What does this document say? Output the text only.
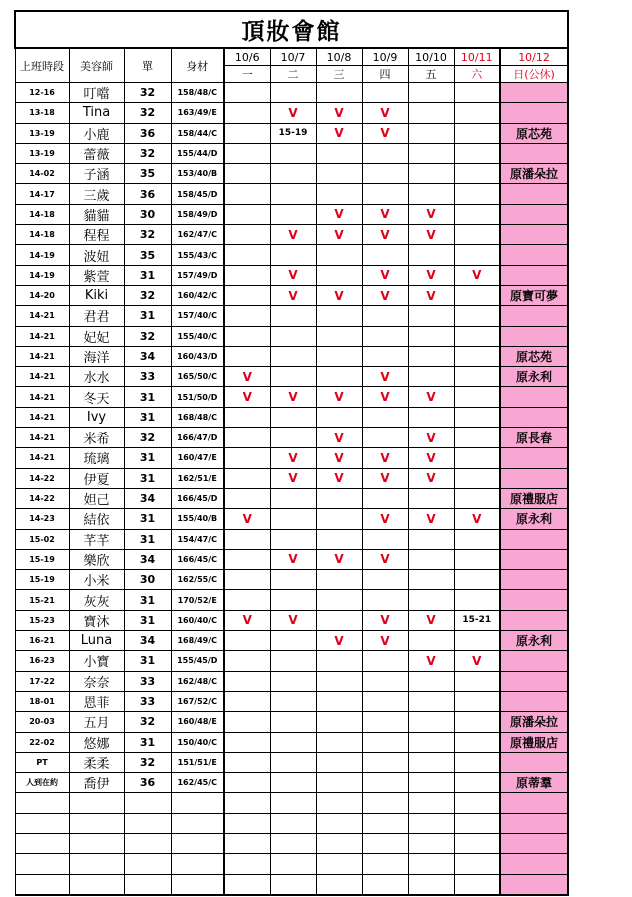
頂妝會館										
上班時段	美容師	單	身材	10/6	10/7	10/8	10/9	10/10	10/11	10/12
				一	二	三	四	五	六	日(公休)
12-16	叮噹	32	158/48/C							
13-18	Tina	32	163/49/E		V	V	V			
13-19	小鹿	36	158/44/C		15-19	V	V			原芯苑
13-19	蕾薇	32	155/44/D							
14-02	子涵	35	153/40/B							原潘朵拉
14-17	三歲	36	158/45/D							
14-18	貓貓	30	158/49/D			V	V	V		
14-18	程程	32	162/47/C		V	V	V	V		
14-19	波妞	35	155/43/C							
14-19	紫萱	31	157/49/D		V		V	V	V	
14-20	Kiki	32	160/42/C		V	V	V	V		原寶可夢
14-21	君君	31	157/40/C							
14-21	妃妃	32	155/40/C							
14-21	海洋	34	160/43/D							原芯苑
14-21	水水	33	165/50/C	V			V			原永利
14-21	冬天	31	151/50/D	V	V	V	V	V		
14-21	Ivy	31	168/48/C							
14-21	米希	32	166/47/D			V		V		原長春
14-21	琉璃	31	160/47/E		V	V	V	V		
14-22	伊夏	31	162/51/E		V	V	V	V		
14-22	妲己	34	166/45/D							原禮服店
14-23	結依	31	155/40/B	V			V	V	V	原永利
15-02	芊芊	31	154/47/C							
15-19	樂欣	34	166/45/C		V	V	V			
15-19	小米	30	162/55/C							
15-21	灰灰	31	170/52/E							
15-23	寶沐	31	160/40/C	V	V		V	V	15-21	
16-21	Luna	34	168/49/C			V	V			原永利
16-23	小寶	31	155/45/D					V	V	
17-22	奈奈	33	162/48/C							
18-01	恩菲	33	167/52/C							
20-03	五月	32	160/48/E							原潘朵拉
22-02	悠娜	31	150/40/C							原禮服店
PT	柔柔	32	151/51/E							
人到在約	喬伊	36	162/45/C							原蒂羣
